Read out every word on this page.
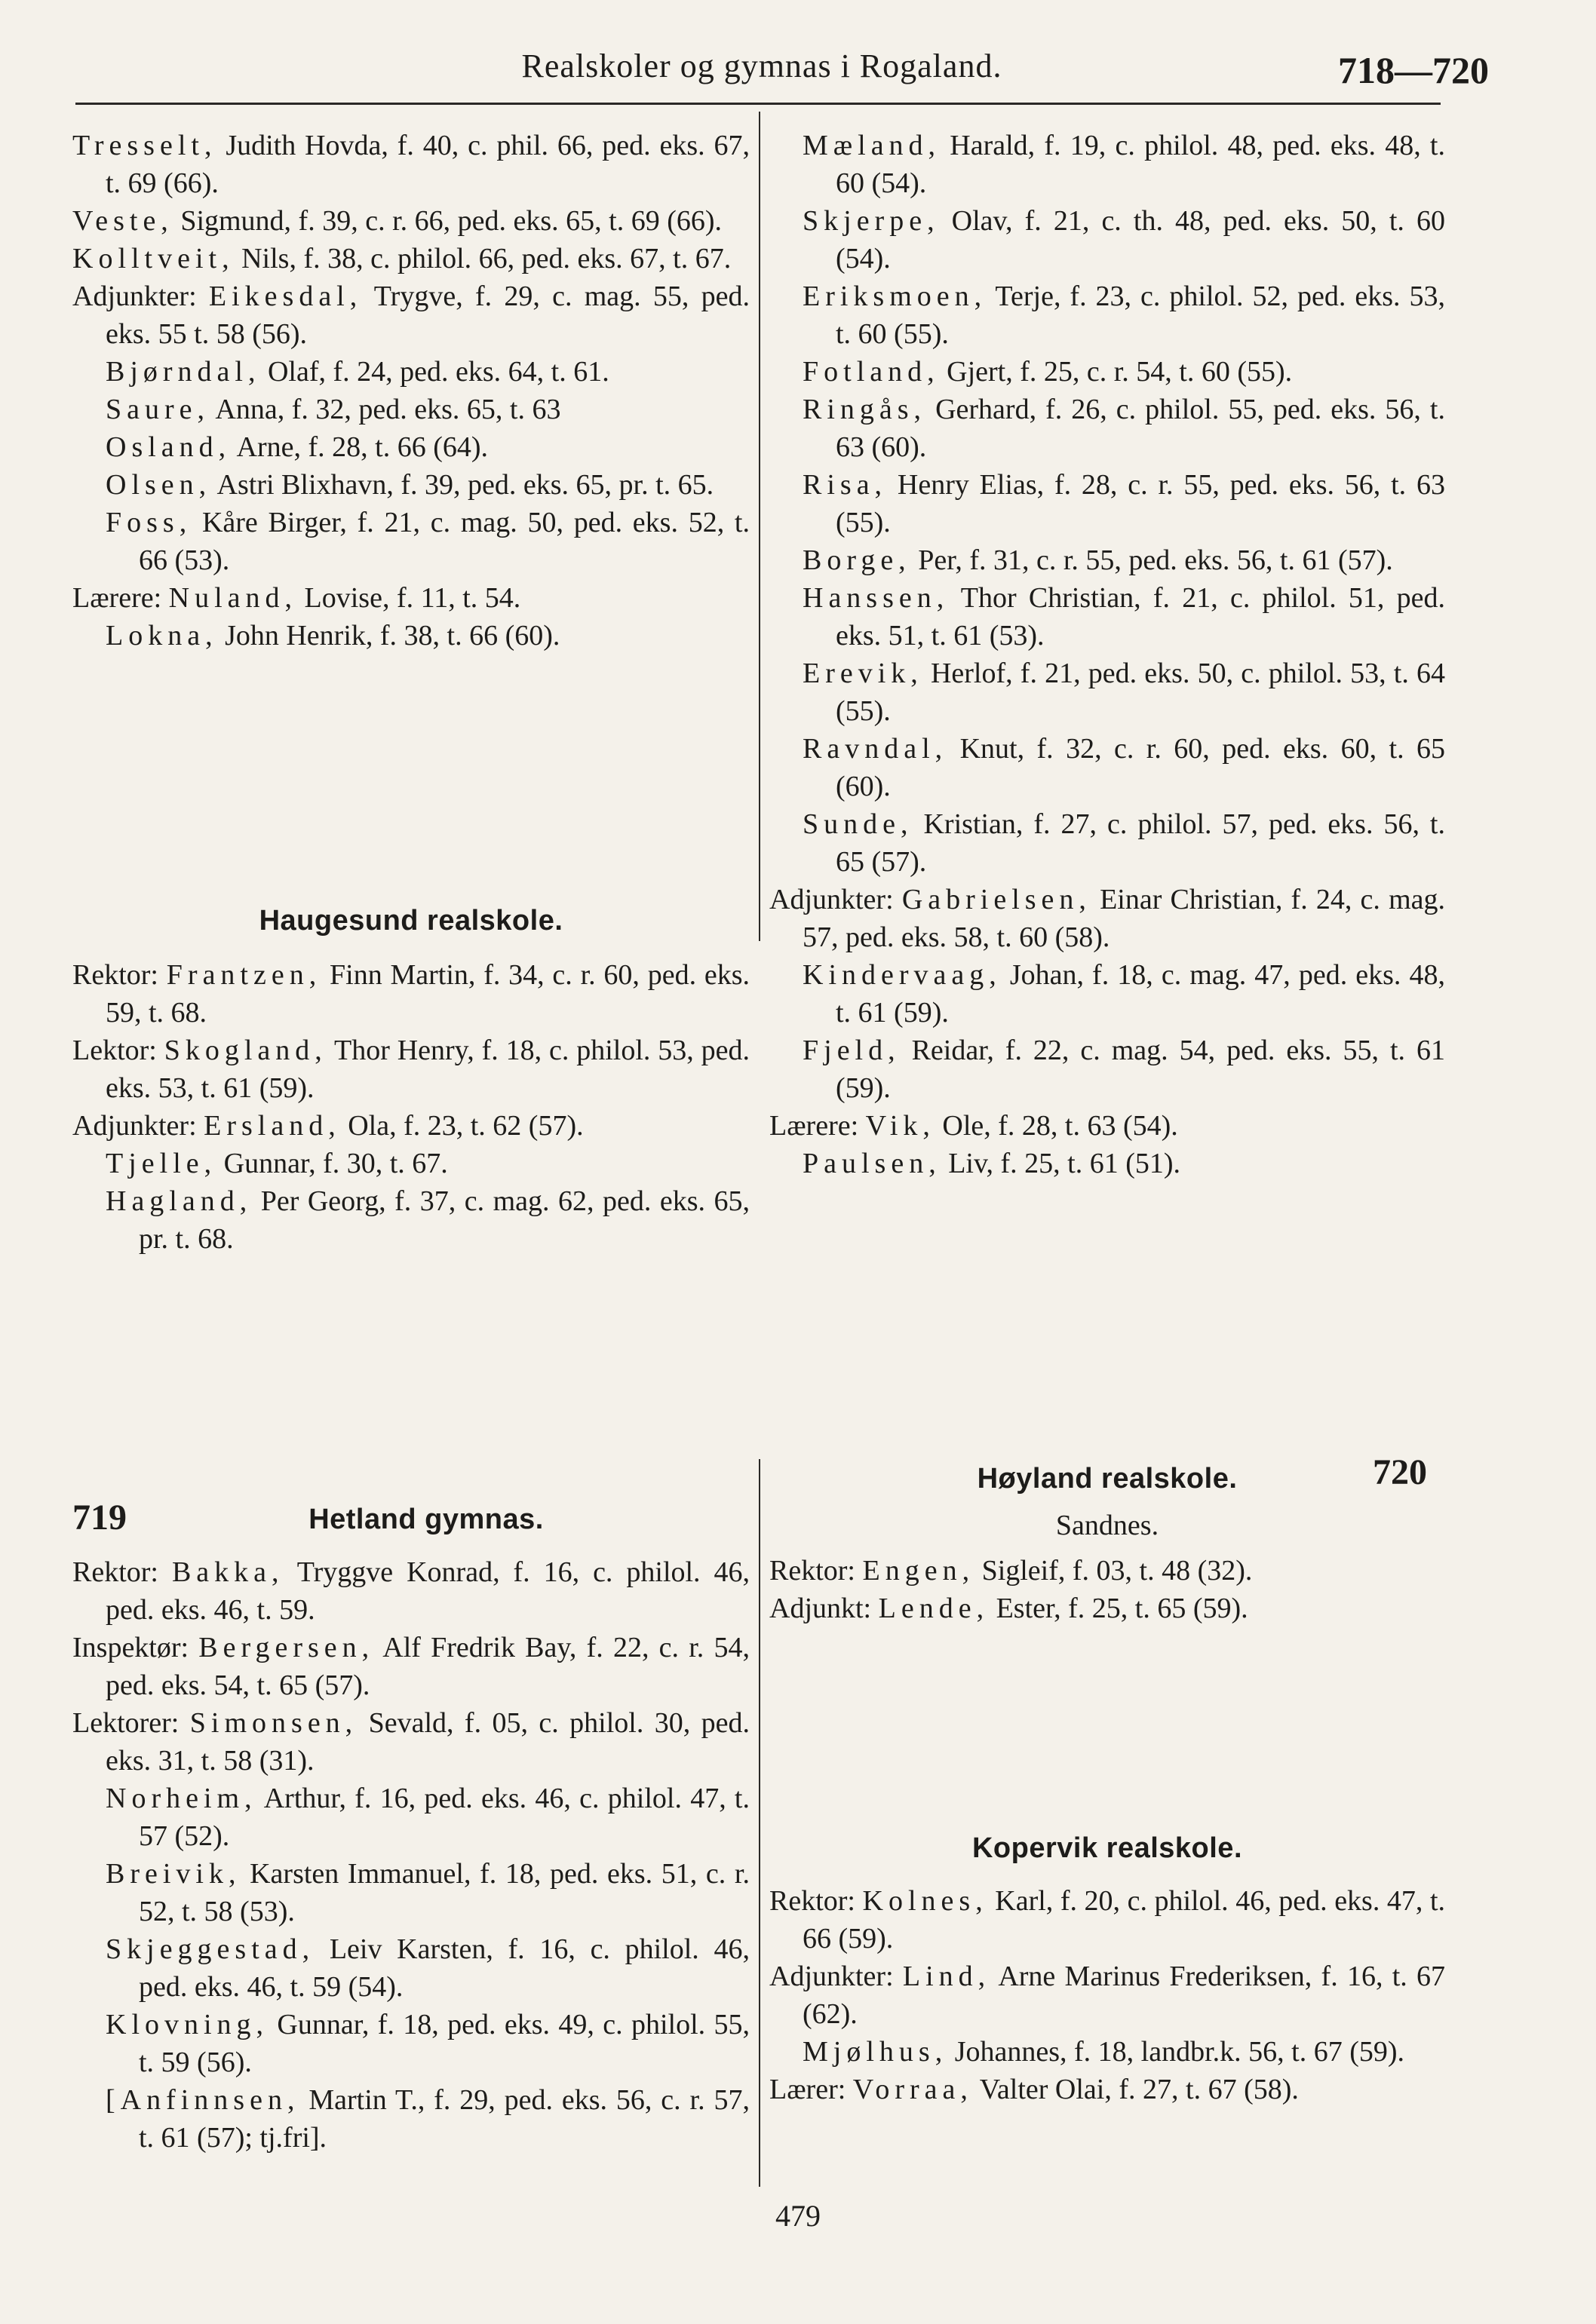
Realskoler og gymnas i Rogaland.	718—720

Tresselt, Judith Hovda, f. 40, c. phil. 66, ped. eks. 67, t. 69 (66).

Veste, Sigmund, f. 39, c. r. 66, ped. eks. 65, t. 69 (66).

Kolltveit, Nils, f. 38, c. philol. 66, ped. eks. 67, t. 67.

Adjunkter: Eikesdal, Trygve, f. 29, c. mag. 55, ped. eks. 55 t. 58 (56).

Bjørndal, Olaf, f. 24, ped. eks. 64, t. 61.

Saure, Anna, f. 32, ped. eks. 65, t. 63

Osland, Arne, f. 28, t. 66 (64).

Olsen, Astri Blixhavn, f. 39, ped. eks. 65, pr. t. 65.

Foss, Kåre Birger, f. 21, c. mag. 50, ped. eks. 52, t. 66 (53).

Lærere: Nuland, Lovise, f. 11, t. 54.

Lokna, John Henrik, f. 38, t. 66 (60).

Haugesund realskole.

Rektor: Frantzen, Finn Martin, f. 34, c. r. 60, ped. eks. 59, t. 68.

Lektor: Skogland, Thor Henry, f. 18, c. philol. 53, ped. eks. 53, t. 61 (59).

Adjunkter: Ersland, Ola, f. 23, t. 62 (57).

Tjelle, Gunnar, f. 30, t. 67.

Hagland, Per Georg, f. 37, c. mag. 62, ped. eks. 65, pr. t. 68.

Mæland, Harald, f. 19, c. philol. 48, ped. eks. 48, t. 60 (54).

Skjerpe, Olav, f. 21, c. th. 48, ped. eks. 50, t. 60 (54).

Eriksmoen, Terje, f. 23, c. philol. 52, ped. eks. 53, t. 60 (55).

Fotland, Gjert, f. 25, c. r. 54, t. 60 (55).

Ringås, Gerhard, f. 26, c. philol. 55, ped. eks. 56, t. 63 (60).

Risa, Henry Elias, f. 28, c. r. 55, ped. eks. 56, t. 63 (55).

Borge, Per, f. 31, c. r. 55, ped. eks. 56, t. 61 (57).

Hanssen, Thor Christian, f. 21, c. philol. 51, ped. eks. 51, t. 61 (53).

Erevik, Herlof, f. 21, ped. eks. 50, c. philol. 53, t. 64 (55).

Ravndal, Knut, f. 32, c. r. 60, ped. eks. 60, t. 65 (60).

Sunde, Kristian, f. 27, c. philol. 57, ped. eks. 56, t. 65 (57).

Adjunkter: Gabrielsen, Einar Christian, f. 24, c. mag. 57, ped. eks. 58, t. 60 (58).

Kindervaag, Johan, f. 18, c. mag. 47, ped. eks. 48, t. 61 (59).

Fjeld, Reidar, f. 22, c. mag. 54, ped. eks. 55, t. 61 (59).

Lærere: Vik, Ole, f. 28, t. 63 (54).

Paulsen, Liv, f. 25, t. 61 (51).

719	Hetland gymnas.

Rektor: Bakka, Tryggve Konrad, f. 16, c. philol. 46, ped. eks. 46, t. 59.

Inspektør: Bergersen, Alf Fredrik Bay, f. 22, c. r. 54, ped. eks. 54, t. 65 (57).

Lektorer: Simonsen, Sevald, f. 05, c. philol. 30, ped. eks. 31, t. 58 (31).

Norheim, Arthur, f. 16, ped. eks. 46, c. philol. 47, t. 57 (52).

Breivik, Karsten Immanuel, f. 18, ped. eks. 51, c. r. 52, t. 58 (53).

Skjeggestad, Leiv Karsten, f. 16, c. philol. 46, ped. eks. 46, t. 59 (54).

Klovning, Gunnar, f. 18, ped. eks. 49, c. philol. 55, t. 59 (56).

[Anfinnsen, Martin T., f. 29, ped. eks. 56, c. r. 57, t. 61 (57); tj.fri].

720

Høyland realskole.

Sandnes.

Rektor: Engen, Sigleif, f. 03, t. 48 (32).

Adjunkt: Lende, Ester, f. 25, t. 65 (59).

Kopervik realskole.

Rektor: Kolnes, Karl, f. 20, c. philol. 46, ped. eks. 47, t. 66 (59).

Adjunkter: Lind, Arne Marinus Frederiksen, f. 16, t. 67 (62).

Mjølhus, Johannes, f. 18, landbr.k. 56, t. 67 (59).

Lærer: Vorraa, Valter Olai, f. 27, t. 67 (58).

479
